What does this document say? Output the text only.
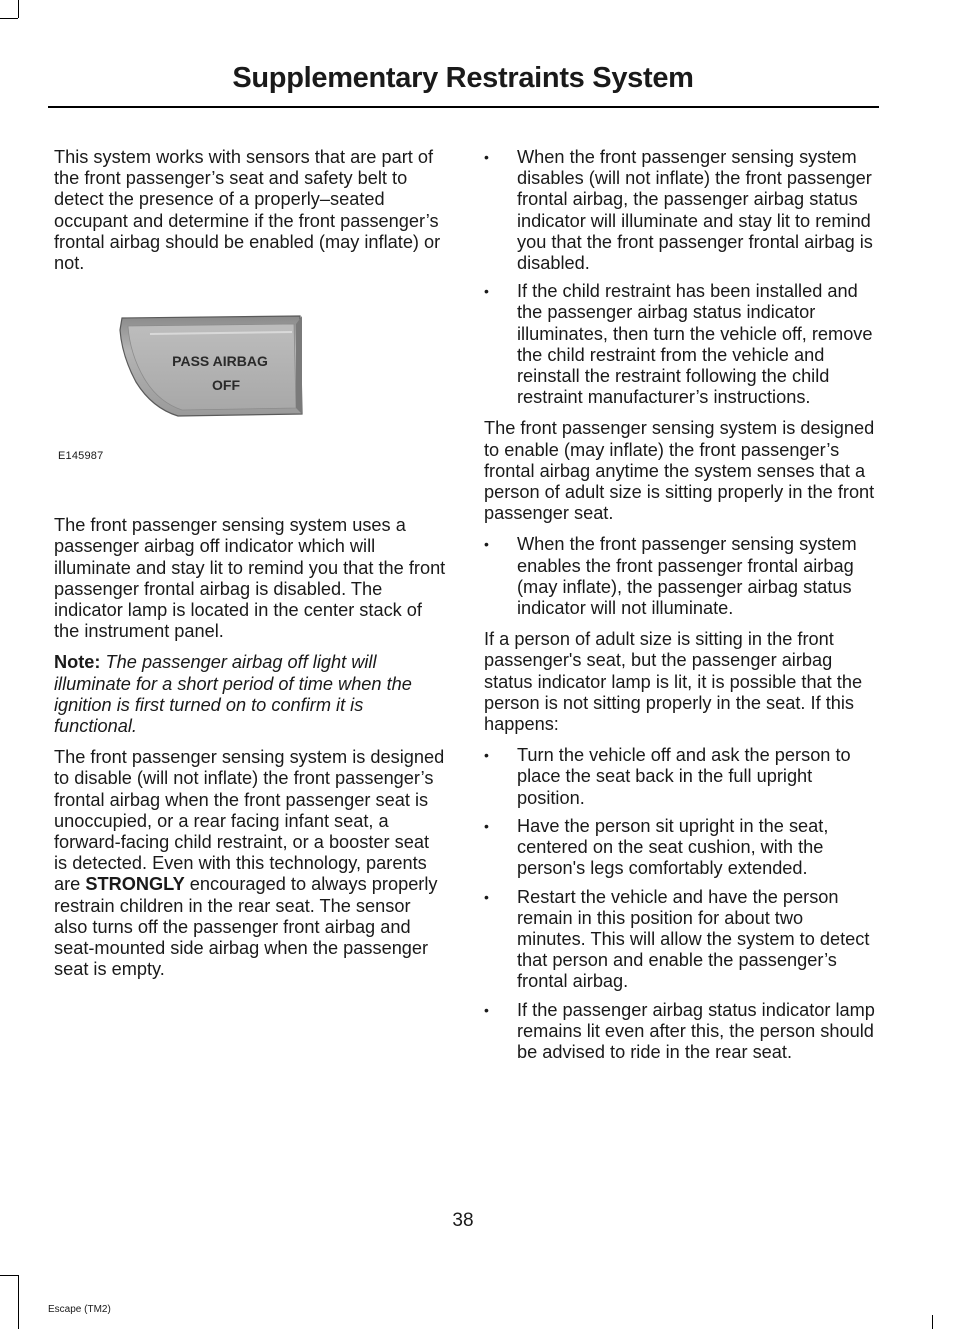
Supplementary Restraints System

This system works with sensors that are part of the front passenger’s seat and safety belt to detect the presence of a properly–seated occupant and determine if the front passenger’s frontal airbag should be enabled (may inflate) or not.

PASS AIRBAG
OFF
E145987

The front passenger sensing system uses a passenger airbag off indicator which will illuminate and stay lit to remind you that the front passenger frontal airbag is disabled. The indicator lamp is located in the center stack of the instrument panel.

Note: The passenger airbag off light will illuminate for a short period of time when the ignition is first turned on to confirm it is functional.

The front passenger sensing system is designed to disable (will not inflate) the front passenger’s frontal airbag when the front passenger seat is unoccupied, or a rear facing infant seat, a forward-facing child restraint, or a booster seat is detected. Even with this technology, parents are STRONGLY encouraged to always properly restrain children in the rear seat. The sensor also turns off the passenger front airbag and seat-mounted side airbag when the passenger seat is empty.

• When the front passenger sensing system disables (will not inflate) the front passenger frontal airbag, the passenger airbag status indicator will illuminate and stay lit to remind you that the front passenger frontal airbag is disabled.
• If the child restraint has been installed and the passenger airbag status indicator illuminates, then turn the vehicle off, remove the child restraint from the vehicle and reinstall the restraint following the child restraint manufacturer’s instructions.

The front passenger sensing system is designed to enable (may inflate) the front passenger’s frontal airbag anytime the system senses that a person of adult size is sitting properly in the front passenger seat.

• When the front passenger sensing system enables the front passenger frontal airbag (may inflate), the passenger airbag status indicator will not illuminate.

If a person of adult size is sitting in the front passenger's seat, but the passenger airbag status indicator lamp is lit, it is possible that the person is not sitting properly in the seat. If this happens:

• Turn the vehicle off and ask the person to place the seat back in the full upright position.
• Have the person sit upright in the seat, centered on the seat cushion, with the person's legs comfortably extended.
• Restart the vehicle and have the person remain in this position for about two minutes. This will allow the system to detect that person and enable the passenger’s frontal airbag.
• If the passenger airbag status indicator lamp remains lit even after this, the person should be advised to ride in the rear seat.
38
Escape (TM2)
